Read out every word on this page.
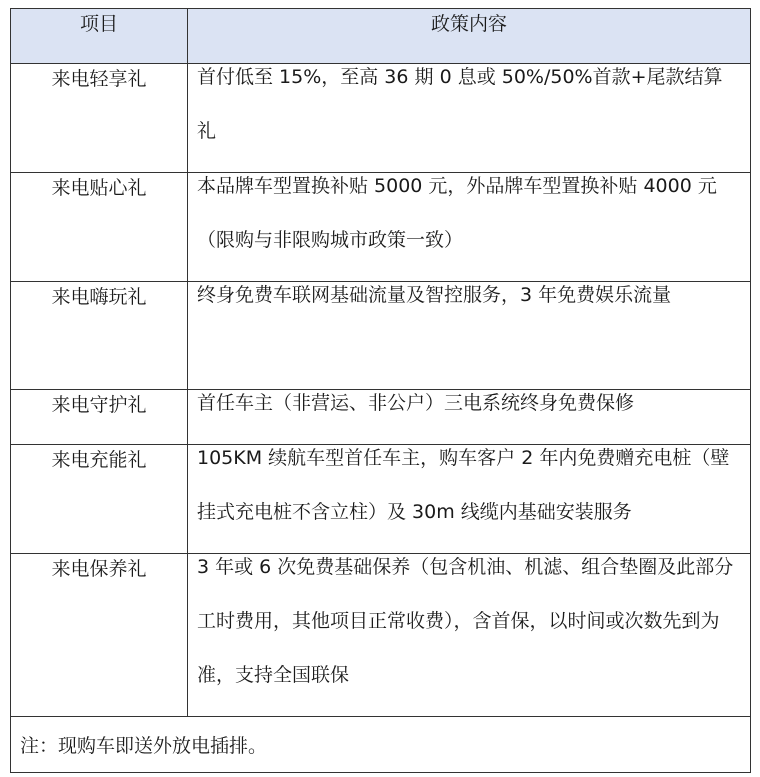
项目	政策内容
来电轻享礼	首付低至 15%，至高 36 期 0 息或 50%/50%首款+尾款结算礼

来电贴心礼	本品牌车型置换补贴 5000 元，外品牌车型置换补贴 4000 元（限购与非限购城市政策一致）

来电嗨玩礼	终身免费车联网基础流量及智控服务，3 年免费娱乐流量

来电守护礼	首任车主（非营运、非公户）三电系统终身免费保修

来电充能礼	105KM 续航车型首任车主，购车客户 2 年内免费赠充电桩（壁挂式充电桩不含立柱）及 30m 线缆内基础安装服务

来电保养礼	3 年或 6 次免费基础保养（包含机油、机滤、组合垫圈及此部分工时费用，其他项目正常收费），含首保，以时间或次数先到为准，支持全国联保

注：现购车即送外放电插排。	
